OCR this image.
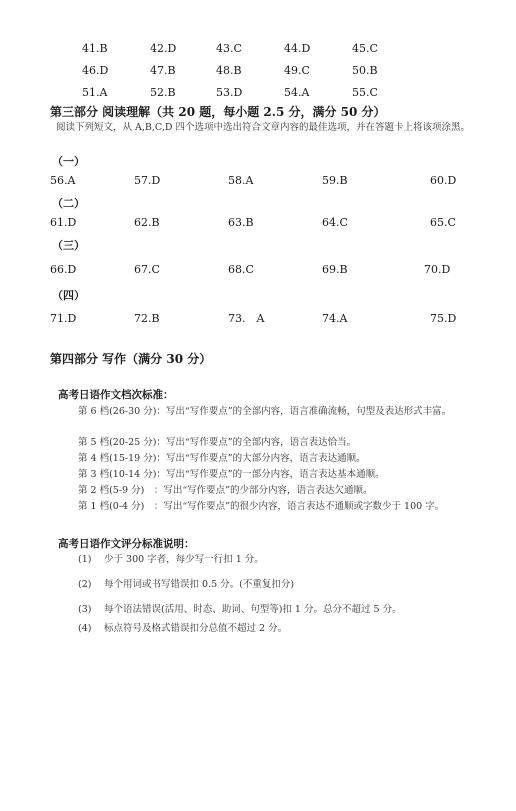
41.B	42.D	43.C	44.D	45.C
46.D	47.B	48.B	49.C	50.B
51.A	52.B	53.D	54.A	55.C
第三部分 阅读理解（共 20 题，每小题 2.5 分，满分 50 分）
阅读下列短文，从 A,B,C,D 四个选项中选出符合文章内容的最佳选项，并在答题卡上将该项涂黑。
（一）
56.A	57.D	58.A	59.B	60.D
（二）
61.D	62.B	63.B	64.C	65.C
（三）
66.D	67.C	68.C	69.B	70.D
（四）
71.D	72.B	73.　A	74.A	75.D
第四部分 写作（满分 30 分）
高考日语作文档次标准：
第 6 档(26-30 分)：写出“写作要点”的全部内容，语言准确流畅，句型及表达形式丰富。
第 5 档(20-25 分)：写出“写作要点”的全部内容，语言表达恰当。
第 4 档(15-19 分)：写出“写作要点”的大部分内容，语言表达通顺。
第 3 档(10-14 分)：写出“写作要点”的一部分内容，语言表达基本通顺。
第 2 档(5-9 分)　：写出“写作要点”的少部分内容，语言表达欠通顺。
第 1 档(0-4 分)　：写出“写作要点”的很少内容，语言表达不通顺或字数少于 100 字。
高考日语作文评分标准说明：
(1) 少于 300 字者，每少写一行扣 1 分。
(2) 每个用词或书写错误扣 0.5 分。(不重复扣分)
(3) 每个语法错误(活用、时态、助词、句型等)扣 1 分。总分不超过 5 分。
(4) 标点符号及格式错误扣分总值不超过 2 分。
